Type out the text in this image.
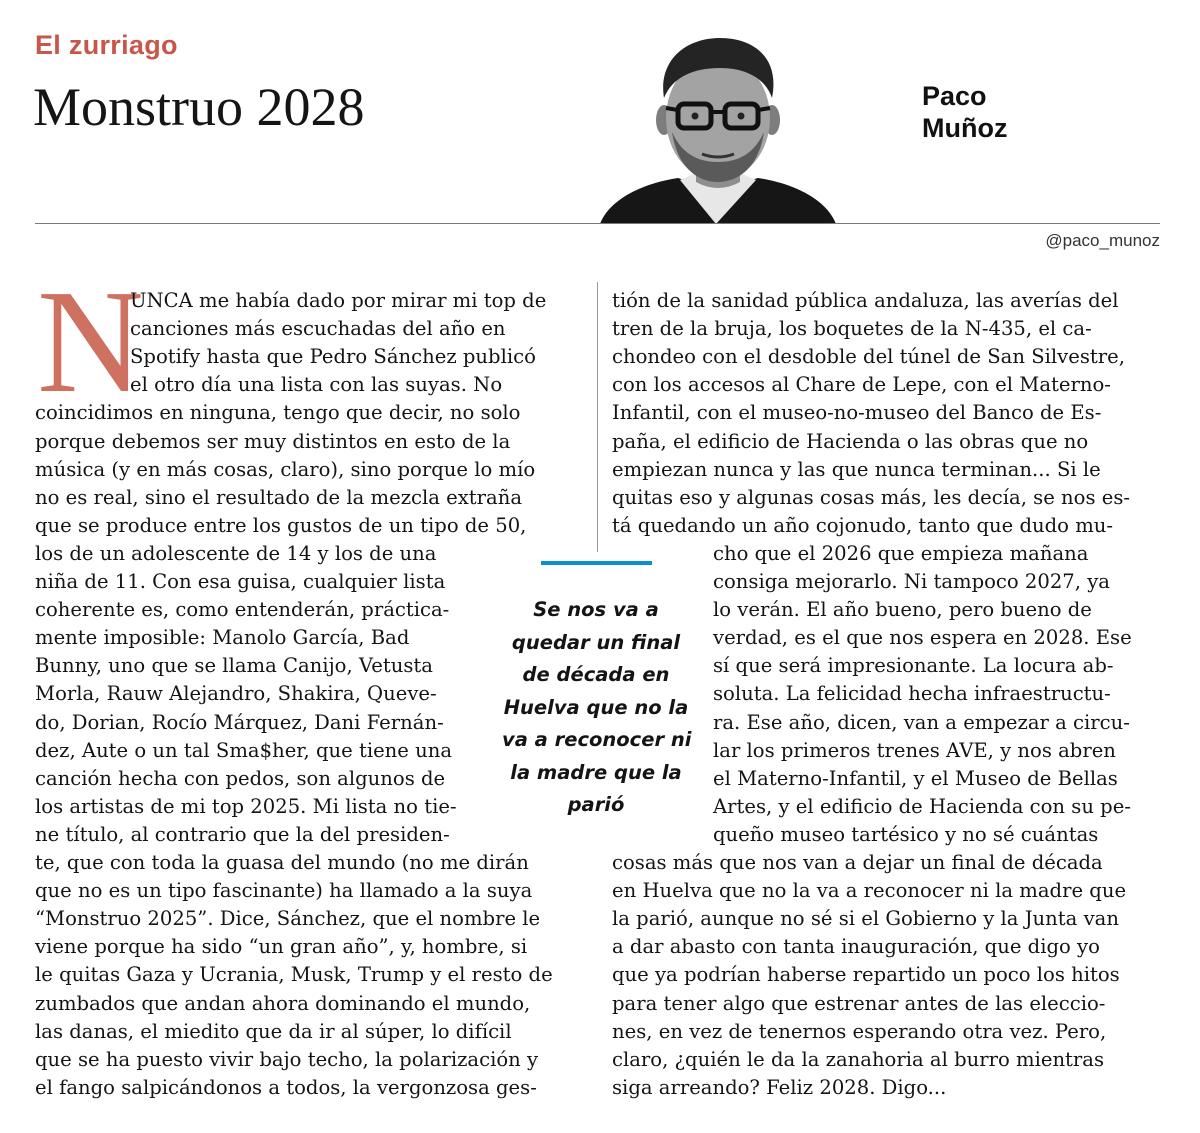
El zurriago
Monstruo 2028	Paco
Muñoz
@paco_munoz
N
UNCA me había dado por mirar mi top de
canciones más escuchadas del año en
Spotify hasta que Pedro Sánchez publicó
el otro día una lista con las suyas. No
coincidimos en ninguna, tengo que decir, no solo
porque debemos ser muy distintos en esto de la
música (y en más cosas, claro), sino porque lo mío
no es real, sino el resultado de la mezcla extraña
que se produce entre los gustos de un tipo de 50,
los de un adolescente de 14 y los de una
niña de 11. Con esa guisa, cualquier lista
coherente es, como entenderán, prácticа-
mente imposible: Manolo García, Bad
Bunny, uno que se llama Canijo, Vetusta
Morla, Rauw Alejandro, Shakira, Queve-
do, Dorian, Rocío Márquez, Dani Fernán-
dez, Aute o un tal Sma$her, que tiene una
canción hecha con pedos, son algunos de
los artistas de mi top 2025. Mi lista no tie-
ne título, al contrario que la del presiden-
te, que con toda la guasa del mundo (no me dirán
que no es un tipo fascinante) ha llamado a la suya
“Monstruo 2025”. Dice, Sánchez, que el nombre le
viene porque ha sido “un gran año”, y, hombre, si
le quitas Gaza y Ucrania, Musk, Trump y el resto de
zumbados que andan ahora dominando el mundo,
las danas, el miedito que da ir al súper, lo difícil
que se ha puesto vivir bajo techo, la polarización y
el fango salpicándonos a todos, la vergonzosa ges-
tión de la sanidad pública andaluza, las averías del
tren de la bruja, los boquetes de la N-435, el ca-
chondeo con el desdoble del túnel de San Silvestre,
con los accesos al Chare de Lepe, con el Materno-
Infantil, con el museo-no-museo del Banco de Es-
paña, el edificio de Hacienda o las obras que no
empiezan nunca y las que nunca terminan... Si le
quitas eso y algunas cosas más, les decía, se nos es-
tá quedando un año cojonudo, tanto que dudo mu-
cho que el 2026 que empieza mañana
consiga mejorarlo. Ni tampoco 2027, ya
lo verán. El año bueno, pero bueno de
verdad, es el que nos espera en 2028. Ese
sí que será impresionante. La locura ab-
soluta. La felicidad hecha infraestructu-
ra. Ese año, dicen, van a empezar a circu-
lar los primeros trenes AVE, y nos abren
el Materno-Infantil, y el Museo de Bellas
Artes, y el edificio de Hacienda con su pe-
queño museo tartésico y no sé cuántas
cosas más que nos van a dejar un final de década
en Huelva que no la va a reconocer ni la madre que
la parió, aunque no sé si el Gobierno y la Junta van
a dar abasto con tanta inauguración, que digo yo
que ya podrían haberse repartido un poco los hitos
para tener algo que estrenar antes de las eleccio-
nes, en vez de tenernos esperando otra vez. Pero,
claro, ¿quién le da la zanahoria al burro mientras
siga arreando? Feliz 2028. Digo...
Se nos va a
quedar un final
de década en
Huelva que no la
va a reconocer ni
la madre que la
parió
